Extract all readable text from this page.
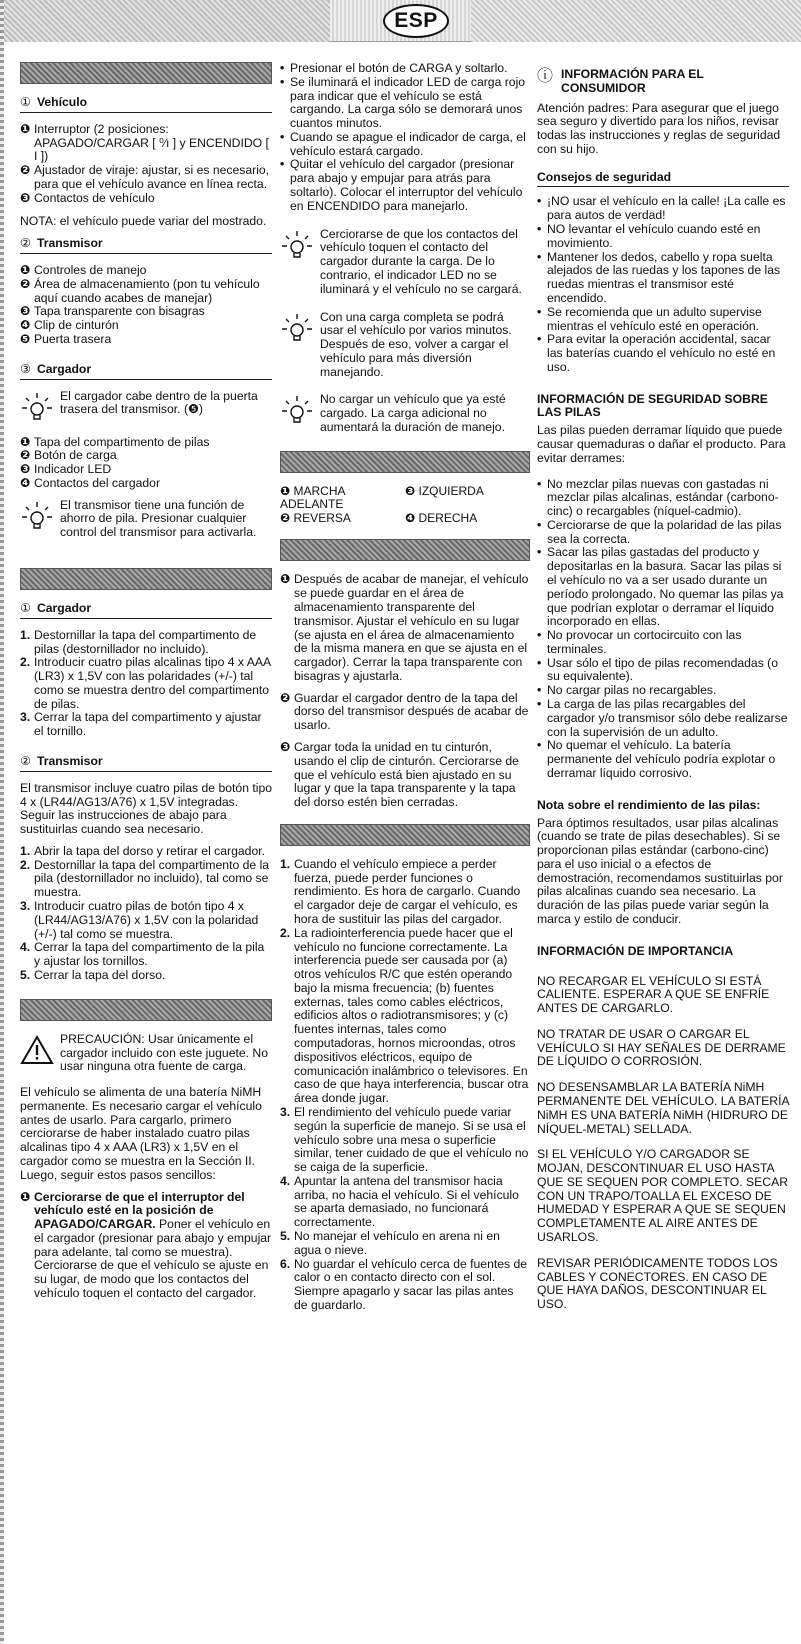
ESP
① Vehículo
❶ Interruptor (2 posiciones: APAGADO/CARGAR [ ⁰⁄ı ] y ENCENDIDO [ I ])
❷ Ajustador de viraje: ajustar, si es necesario, para que el vehículo avance en línea recta.
❸ Contactos de vehículo
NOTA: el vehículo puede variar del mostrado.
② Transmisor
❶ Controles de manejo
❷ Área de almacenamiento (pon tu vehículo aquí cuando acabes de manejar)
❸ Tapa transparente con bisagras
❹ Clip de cinturón
❺ Puerta trasera
③ Cargador
El cargador cabe dentro de la puerta trasera del transmisor. (❺)
❶ Tapa del compartimento de pilas
❷ Botón de carga
❸ Indicador LED
❹ Contactos del cargador
El transmisor tiene una función de ahorro de pila. Presionar cualquier control del transmisor para activarla.
① Cargador
1. Destornillar la tapa del compartimento de pilas (destornillador no incluido).
2. Introducir cuatro pilas alcalinas tipo 4 x AAA (LR3) x 1,5V con las polaridades (+/-) tal como se muestra dentro del compartimento de pilas.
3. Cerrar la tapa del compartimento y ajustar el tornillo.
② Transmisor
El transmisor incluye cuatro pilas de botón tipo 4 x (LR44/AG13/A76) x 1,5V integradas. Seguir las instrucciones de abajo para sustituirlas cuando sea necesario.
1. Abrir la tapa del dorso y retirar el cargador.
2. Destornillar la tapa del compartimento de la pila (destornillador no incluido), tal como se muestra.
3. Introducir cuatro pilas de botón tipo 4 x (LR44/AG13/A76) x 1,5V con la polaridad (+/-) tal como se muestra.
4. Cerrar la tapa del compartimento de la pila y ajustar los tornillos.
5. Cerrar la tapa del dorso.
PRECAUCIÓN: Usar únicamente el cargador incluido con este juguete. No usar ninguna otra fuente de carga.
El vehículo se alimenta de una batería NiMH permanente. Es necesario cargar el vehículo antes de usarlo. Para cargarlo, primero cerciorarse de haber instalado cuatro pilas alcalinas tipo 4 x AAA (LR3) x 1,5V en el cargador como se muestra en la Sección II. Luego, seguir estos pasos sencillos:
❶ Cerciorarse de que el interruptor del vehículo esté en la posición de APAGADO/CARGAR. Poner el vehículo en el cargador (presionar para abajo y empujar para adelante, tal como se muestra). Cerciorarse de que el vehículo se ajuste en su lugar, de modo que los contactos del vehículo toquen el contacto del cargador.
• Presionar el botón de CARGA y soltarlo.
• Se iluminará el indicador LED de carga rojo para indicar que el vehículo se está cargando. La carga sólo se demorará unos cuantos minutos.
• Cuando se apague el indicador de carga, el vehículo estará cargado.
• Quitar el vehículo del cargador (presionar para abajo y empujar para atrás para soltarlo). Colocar el interruptor del vehículo en ENCENDIDO para manejarlo.
Cerciorarse de que los contactos del vehículo toquen el contacto del cargador durante la carga. De lo contrario, el indicador LED no se iluminará y el vehículo no se cargará.
Con una carga completa se podrá usar el vehículo por varios minutos. Después de eso, volver a cargar el vehículo para más diversión manejando.
No cargar un vehículo que ya esté cargado. La carga adicional no aumentará la duración de manejo.
❶ MARCHA ADELANTE
❸ IZQUIERDA
❷ REVERSA	❹ DERECHA
❶ Después de acabar de manejar, el vehículo se puede guardar en el área de almacenamiento transparente del transmisor. Ajustar el vehículo en su lugar (se ajusta en el área de almacenamiento de la misma manera en que se ajusta en el cargador). Cerrar la tapa transparente con bisagras y ajustarla.
❷ Guardar el cargador dentro de la tapa del dorso del transmisor después de acabar de usarlo.
❸ Cargar toda la unidad en tu cinturón, usando el clip de cinturón. Cerciorarse de que el vehículo está bien ajustado en su lugar y que la tapa transparente y la tapa del dorso estén bien cerradas.
1. Cuando el vehículo empiece a perder fuerza, puede perder funciones o rendimiento. Es hora de cargarlo. Cuando el cargador deje de cargar el vehículo, es hora de sustituir las pilas del cargador.
2. La radiointerferencia puede hacer que el vehículo no funcione correctamente. La interferencia puede ser causada por (a) otros vehículos R/C que estén operando bajo la misma frecuencia; (b) fuentes externas, tales como cables eléctricos, edificios altos o radiotransmisores; y (c) fuentes internas, tales como computadoras, hornos microondas, otros dispositivos eléctricos, equipo de comunicación inalámbrico o televisores. En caso de que haya interferencia, buscar otra área donde jugar.
3. El rendimiento del vehículo puede variar según la superficie de manejo. Si se usa el vehículo sobre una mesa o superficie similar, tener cuidado de que el vehículo no se caiga de la superficie.
4. Apuntar la antena del transmisor hacia arriba, no hacia el vehículo. Si el vehículo se aparta demasiado, no funcionará correctamente.
5. No manejar el vehículo en arena ni en agua o nieve.
6. No guardar el vehículo cerca de fuentes de calor o en contacto directo con el sol. Siempre apagarlo y sacar las pilas antes de guardarlo.
ⓘ INFORMACIÓN PARA EL CONSUMIDOR
Atención padres: Para asegurar que el juego sea seguro y divertido para los niños, revisar todas las instrucciones y reglas de seguridad con su hijo.
Consejos de seguridad
• ¡NO usar el vehículo en la calle! ¡La calle es para autos de verdad!
• NO levantar el vehículo cuando esté en movimiento.
• Mantener los dedos, cabello y ropa suelta alejados de las ruedas y los tapones de las ruedas mientras el transmisor esté encendido.
• Se recomienda que un adulto supervise mientras el vehículo esté en operación.
• Para evitar la operación accidental, sacar las baterías cuando el vehículo no esté en uso.
INFORMACIÓN DE SEGURIDAD SOBRE LAS PILAS
Las pilas pueden derramar líquido que puede causar quemaduras o dañar el producto. Para evitar derrames:
• No mezclar pilas nuevas con gastadas ni mezclar pilas alcalinas, estándar (carbono-cinc) o recargables (níquel-cadmio).
• Cerciorarse de que la polaridad de las pilas sea la correcta.
• Sacar las pilas gastadas del producto y depositarlas en la basura. Sacar las pilas si el vehículo no va a ser usado durante un período prolongado. No quemar las pilas ya que podrían explotar o derramar el líquido incorporado en ellas.
• No provocar un cortocircuito con las terminales.
• Usar sólo el tipo de pilas recomendadas (o su equivalente).
• No cargar pilas no recargables.
• La carga de las pilas recargables del cargador y/o transmisor sólo debe realizarse con la supervisión de un adulto.
• No quemar el vehículo. La batería permanente del vehículo podría explotar o derramar líquido corrosivo.
Nota sobre el rendimiento de las pilas:
Para óptimos resultados, usar pilas alcalinas (cuando se trate de pilas desechables). Si se proporcionan pilas estándar (carbono-cinc) para el uso inicial o a efectos de demostración, recomendamos sustituirlas por pilas alcalinas cuando sea necesario. La duración de las pilas puede variar según la marca y estilo de conducir.
INFORMACIÓN DE IMPORTANCIA
NO RECARGAR EL VEHÍCULO SI ESTÁ CALIENTE. ESPERAR A QUE SE ENFRÍE ANTES DE CARGARLO.
NO TRATAR DE USAR O CARGAR EL VEHÍCULO SI HAY SEÑALES DE DERRAME DE LÍQUIDO O CORROSIÓN.
NO DESENSAMBLAR LA BATERÍA NiMH PERMANENTE DEL VEHÍCULO. LA BATERÍA NiMH ES UNA BATERÍA NiMH (HIDRURO DE NÍQUEL-METAL) SELLADA.
SI EL VEHÍCULO Y/O CARGADOR SE MOJAN, DESCONTINUAR EL USO HASTA QUE SE SEQUEN POR COMPLETO. SECAR CON UN TRAPO/TOALLA EL EXCESO DE HUMEDAD Y ESPERAR A QUE SE SEQUEN COMPLETAMENTE AL AIRE ANTES DE USARLOS.
REVISAR PERIÓDICAMENTE TODOS LOS CABLES Y CONECTORES. EN CASO DE QUE HAYA DAÑOS, DESCONTINUAR EL USO.
